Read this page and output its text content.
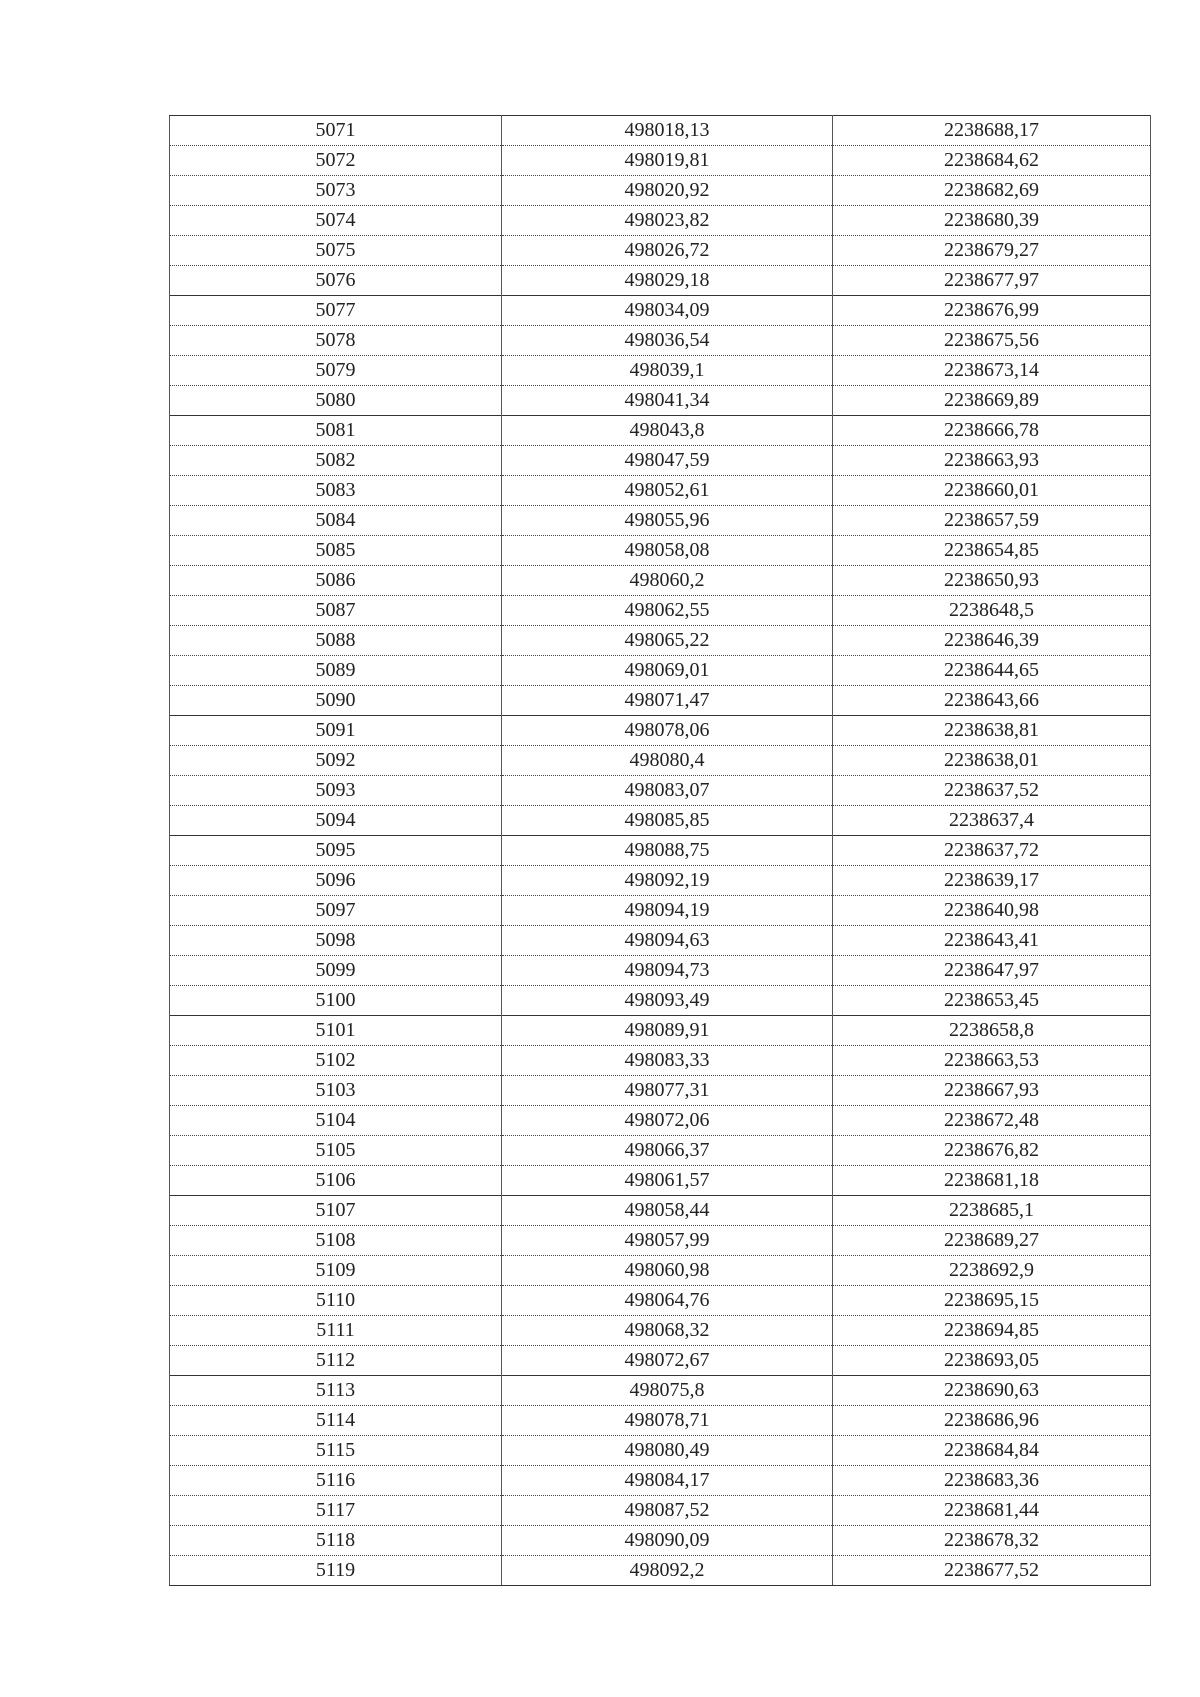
5071	498018,13	2238688,17
5072	498019,81	2238684,62
5073	498020,92	2238682,69
5074	498023,82	2238680,39
5075	498026,72	2238679,27
5076	498029,18	2238677,97
5077	498034,09	2238676,99
5078	498036,54	2238675,56
5079	498039,1	2238673,14
5080	498041,34	2238669,89
5081	498043,8	2238666,78
5082	498047,59	2238663,93
5083	498052,61	2238660,01
5084	498055,96	2238657,59
5085	498058,08	2238654,85
5086	498060,2	2238650,93
5087	498062,55	2238648,5
5088	498065,22	2238646,39
5089	498069,01	2238644,65
5090	498071,47	2238643,66
5091	498078,06	2238638,81
5092	498080,4	2238638,01
5093	498083,07	2238637,52
5094	498085,85	2238637,4
5095	498088,75	2238637,72
5096	498092,19	2238639,17
5097	498094,19	2238640,98
5098	498094,63	2238643,41
5099	498094,73	2238647,97
5100	498093,49	2238653,45
5101	498089,91	2238658,8
5102	498083,33	2238663,53
5103	498077,31	2238667,93
5104	498072,06	2238672,48
5105	498066,37	2238676,82
5106	498061,57	2238681,18
5107	498058,44	2238685,1
5108	498057,99	2238689,27
5109	498060,98	2238692,9
5110	498064,76	2238695,15
5111	498068,32	2238694,85
5112	498072,67	2238693,05
5113	498075,8	2238690,63
5114	498078,71	2238686,96
5115	498080,49	2238684,84
5116	498084,17	2238683,36
5117	498087,52	2238681,44
5118	498090,09	2238678,32
5119	498092,2	2238677,52
